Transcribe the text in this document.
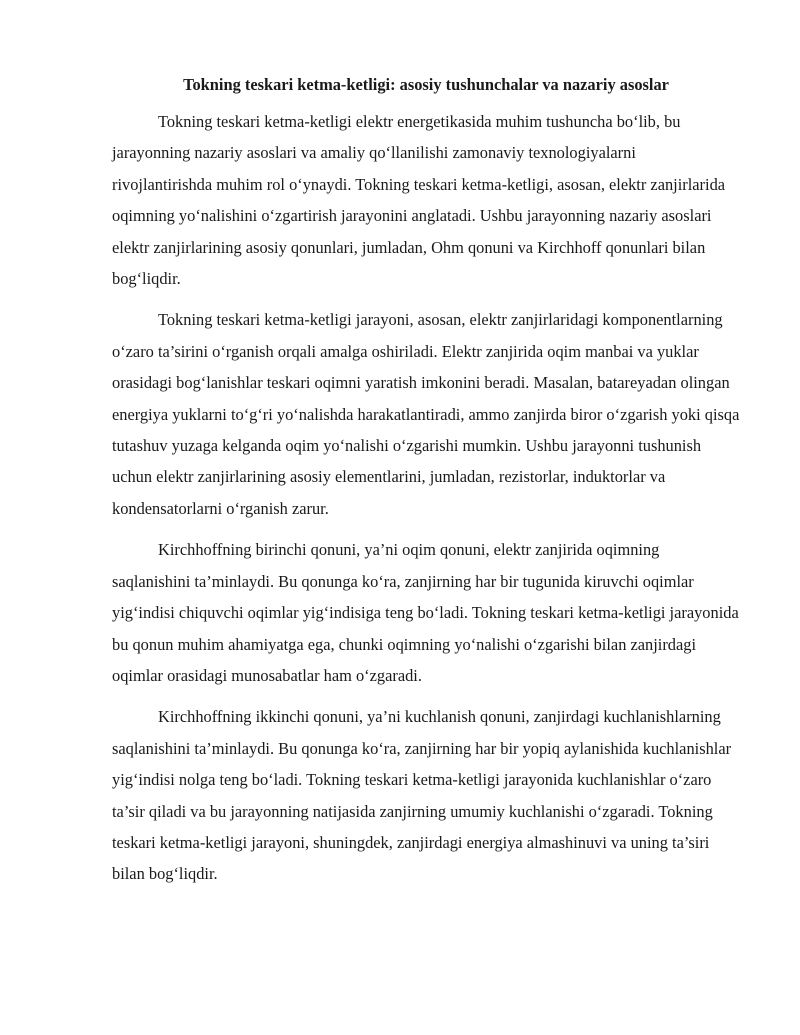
Tokning teskari ketma-ketligi: asosiy tushunchalar va nazariy asoslar

Tokning teskari ketma-ketligi elektr energetikasida muhim tushuncha bo‘lib, bu jarayonning nazariy asoslari va amaliy qo‘llanilishi zamonaviy texnologiyalarni rivojlantirishda muhim rol o‘ynaydi. Tokning teskari ketma-ketligi, asosan, elektr zanjirlarida oqimning yo‘nalishini o‘zgartirish jarayonini anglatadi. Ushbu jarayonning nazariy asoslari elektr zanjirlarining asosiy qonunlari, jumladan, Ohm qonuni va Kirchhoff qonunlari bilan bog‘liqdir.

Tokning teskari ketma-ketligi jarayoni, asosan, elektr zanjirlaridagi komponentlarning o‘zaro ta’sirini o‘rganish orqali amalga oshiriladi. Elektr zanjirida oqim manbai va yuklar orasidagi bog‘lanishlar teskari oqimni yaratish imkonini beradi. Masalan, batareyadan olingan energiya yuklarni to‘g‘ri yo‘nalishda harakatlantiradi, ammo zanjirda biror o‘zgarish yoki qisqa tutashuv yuzaga kelganda oqim yo‘nalishi o‘zgarishi mumkin. Ushbu jarayonni tushunish uchun elektr zanjirlarining asosiy elementlarini, jumladan, rezistorlar, induktorlar va kondensatorlarni o‘rganish zarur.

Kirchhoffning birinchi qonuni, ya’ni oqim qonuni, elektr zanjirida oqimning saqlanishini ta’minlaydi. Bu qonunga ko‘ra, zanjirning har bir tugunida kiruvchi oqimlar yig‘indisi chiquvchi oqimlar yig‘indisiga teng bo‘ladi. Tokning teskari ketma-ketligi jarayonida bu qonun muhim ahamiyatga ega, chunki oqimning yo‘nalishi o‘zgarishi bilan zanjirdagi oqimlar orasidagi munosabatlar ham o‘zgaradi.

Kirchhoffning ikkinchi qonuni, ya’ni kuchlanish qonuni, zanjirdagi kuchlanishlarning saqlanishini ta’minlaydi. Bu qonunga ko‘ra, zanjirning har bir yopiq aylanishida kuchlanishlar yig‘indisi nolga teng bo‘ladi. Tokning teskari ketma-ketligi jarayonida kuchlanishlar o‘zaro ta’sir qiladi va bu jarayonning natijasida zanjirning umumiy kuchlanishi o‘zgaradi. Tokning teskari ketma-ketligi jarayoni, shuningdek, zanjirdagi energiya almashinuvi va uning ta’siri bilan bog‘liqdir.
